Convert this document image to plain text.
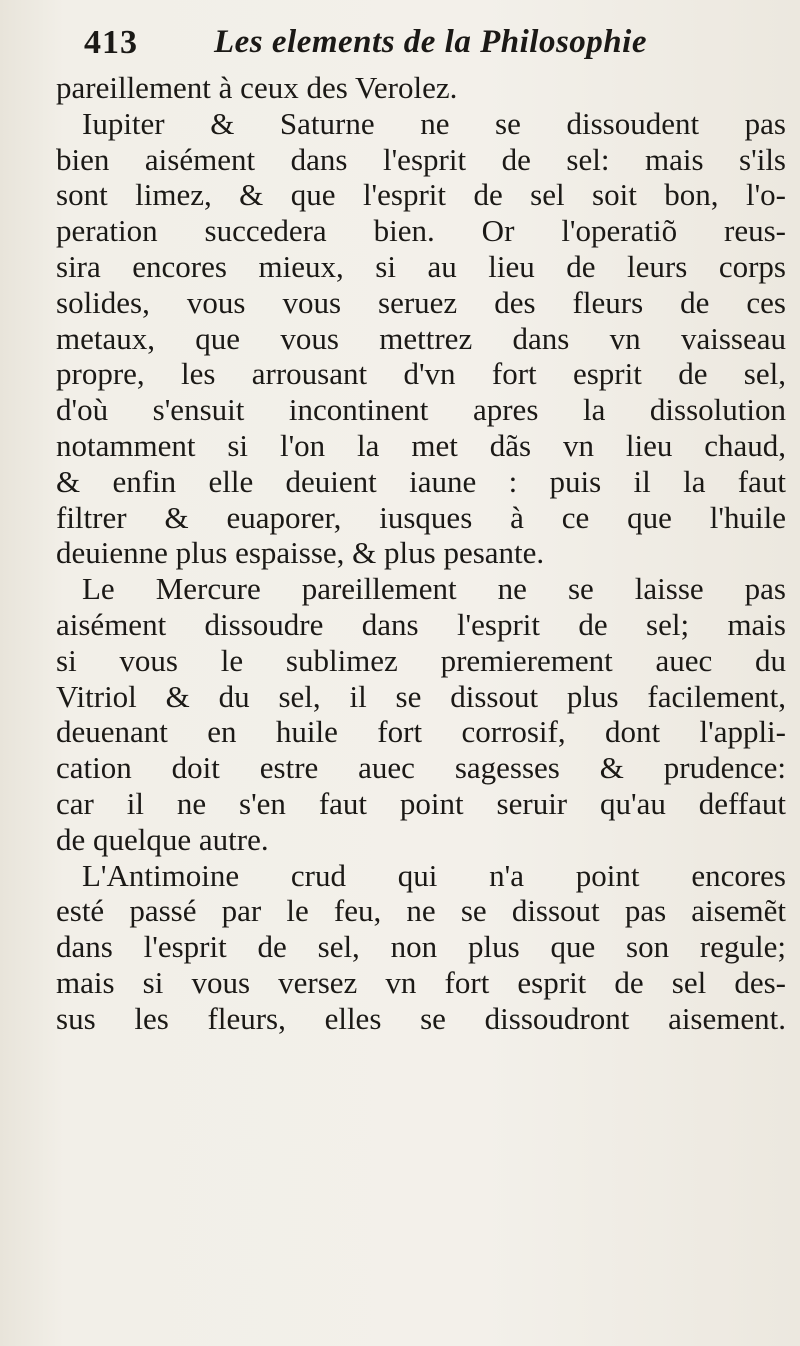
413 Les elements de la Philosophie
pareillement à ceux des Verolez.
Iupiter & Saturne ne se dissoudent pas
bien aisément dans l'esprit de sel: mais s'ils
sont limez, & que l'esprit de sel soit bon, l'o-
peration succedera bien. Or l'operatiõ reus-
sira encores mieux, si au lieu de leurs corps
solides, vous vous seruez des fleurs de ces
metaux, que vous mettrez dans vn vaisseau
propre, les arrousant d'vn fort esprit de sel,
d'où s'ensuit incontinent apres la dissolution
notamment si l'on la met dãs vn lieu chaud,
& enfin elle deuient iaune : puis il la faut
filtrer & euaporer, iusques à ce que l'huile
deuienne plus espaisse, & plus pesante.
Le Mercure pareillement ne se laisse pas
aisément dissoudre dans l'esprit de sel; mais
si vous le sublimez premierement auec du
Vitriol & du sel, il se dissout plus facilement,
deuenant en huile fort corrosif, dont l'appli-
cation doit estre auec sagesses & prudence:
car il ne s'en faut point seruir qu'au deffaut
de quelque autre.
L'Antimoine crud qui n'a point encores
esté passé par le feu, ne se dissout pas aisemẽt
dans l'esprit de sel, non plus que son regule;
mais si vous versez vn fort esprit de sel des-
sus les fleurs, elles se dissoudront aisement.
